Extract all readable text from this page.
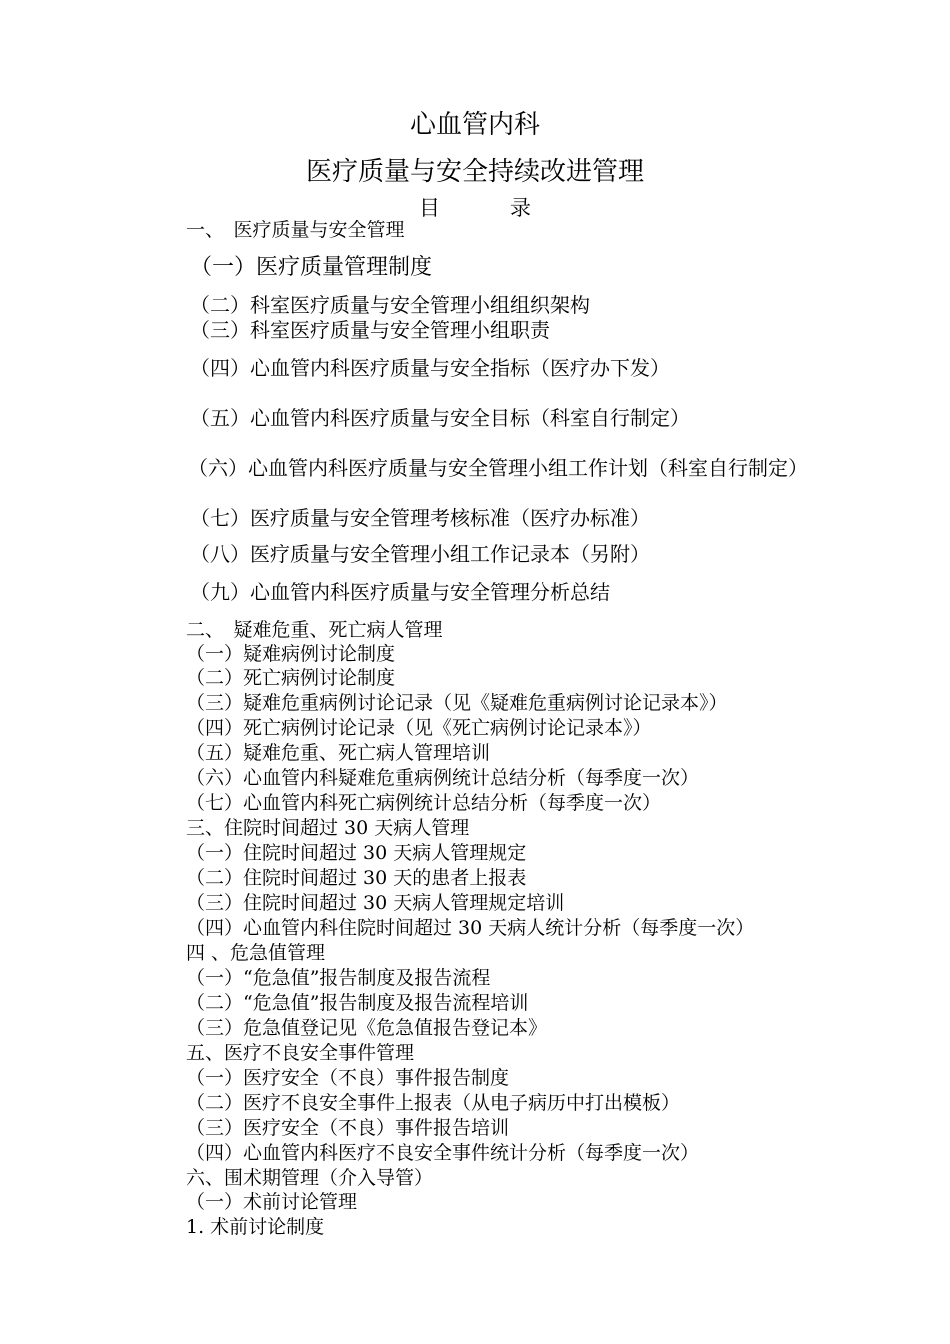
心血管内科
医疗质量与安全持续改进管理
目录

一、　医疗质量与安全管理

（一）医疗质量管理制度

（二）科室医疗质量与安全管理小组组织架构

（三）科室医疗质量与安全管理小组职责

（四）心血管内科医疗质量与安全指标（医疗办下发）

（五）心血管内科医疗质量与安全目标（科室自行制定）

（六）心血管内科医疗质量与安全管理小组工作计划（科室自行制定）

（七）医疗质量与安全管理考核标准（医疗办标准）

（八）医疗质量与安全管理小组工作记录本（另附）

（九）心血管内科医疗质量与安全管理分析总结

二、　疑难危重、死亡病人管理

（一）疑难病例讨论制度

（二）死亡病例讨论制度

（三）疑难危重病例讨论记录（见《疑难危重病例讨论记录本》）

（四）死亡病例讨论记录（见《死亡病例讨论记录本》）

（五）疑难危重、死亡病人管理培训

（六）心血管内科疑难危重病例统计总结分析（每季度一次）

（七）心血管内科死亡病例统计总结分析（每季度一次）

三、住院时间超过 30 天病人管理

（一）住院时间超过 30 天病人管理规定

（二）住院时间超过 30 天的患者上报表

（三）住院时间超过 30 天病人管理规定培训

（四）心血管内科住院时间超过 30 天病人统计分析（每季度一次）

四 、危急值管理

（一）“危急值”报告制度及报告流程

（二）“危急值”报告制度及报告流程培训

（三）危急值登记见《危急值报告登记本》

五、医疗不良安全事件管理

（一）医疗安全（不良）事件报告制度

（二）医疗不良安全事件上报表（从电子病历中打出模板）

（三）医疗安全（不良）事件报告培训

（四）心血管内科医疗不良安全事件统计分析（每季度一次）

六、围术期管理（介入导管）

（一）术前讨论管理

1. 术前讨论制度
